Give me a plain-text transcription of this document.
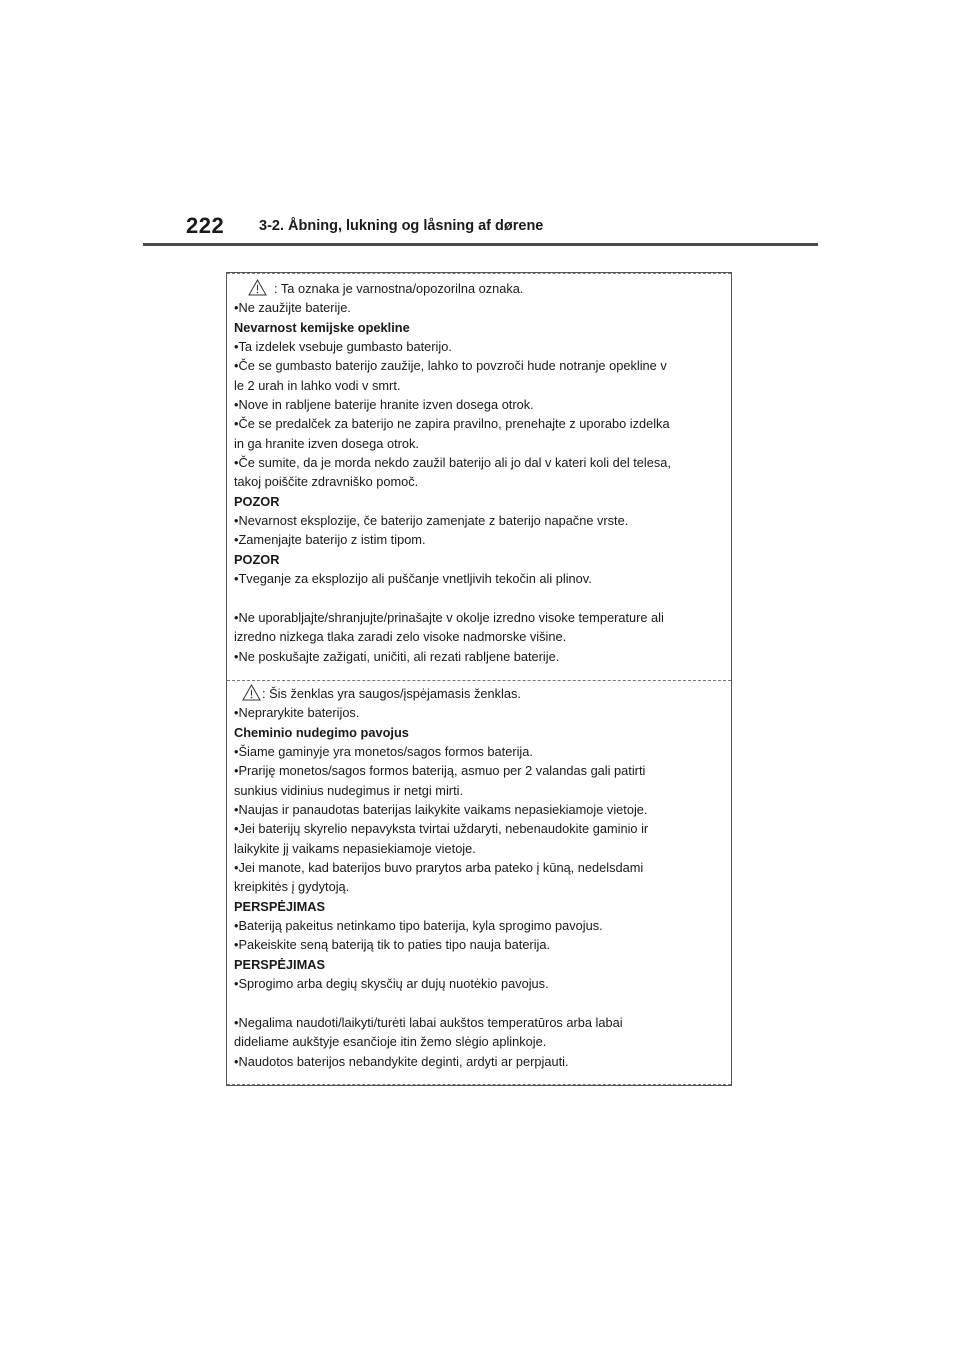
222 3-2. Åbning, lukning og låsning af dørene
: Ta oznaka je varnostna/opozorilna oznaka.
•Ne zaužijte baterije.
Nevarnost kemijske opekline
•Ta izdelek vsebuje gumbasto baterijo.
•Če se gumbasto baterijo zaužije, lahko to povzroči hude notranje opekline v
le 2 urah in lahko vodi v smrt.
•Nove in rabljene baterije hranite izven dosega otrok.
•Če se predalček za baterijo ne zapira pravilno, prenehajte z uporabo izdelka
in ga hranite izven dosega otrok.
•Če sumite, da je morda nekdo zaužil baterijo ali jo dal v kateri koli del telesa,
takoj poiščite zdravniško pomoč.
POZOR
•Nevarnost eksplozije, če baterijo zamenjate z baterijo napačne vrste.
•Zamenjajte baterijo z istim tipom.
POZOR
•Tveganje za eksplozijo ali puščanje vnetljivih tekočin ali plinov.
•Ne uporabljajte/shranjujte/prinašajte v okolje izredno visoke temperature ali
izredno nizkega tlaka zaradi zelo visoke nadmorske višine.
•Ne poskušajte zažigati, uničiti, ali rezati rabljene baterije.
: Šis ženklas yra saugos/įspėjamasis ženklas.
•Neprarykite baterijos.
Cheminio nudegimo pavojus
•Šiame gaminyje yra monetos/sagos formos baterija.
•Prariję monetos/sagos formos bateriją, asmuo per 2 valandas gali patirti
sunkius vidinius nudegimus ir netgi mirti.
•Naujas ir panaudotas baterijas laikykite vaikams nepasiekiamoje vietoje.
•Jei baterijų skyrelio nepavyksta tvirtai uždaryti, nebenaudokite gaminio ir
laikykite jį vaikams nepasiekiamoje vietoje.
•Jei manote, kad baterijos buvo prarytos arba pateko į kūną, nedelsdami
kreipkitės į gydytoją.
PERSPĖJIMAS
•Bateriją pakeitus netinkamo tipo baterija, kyla sprogimo pavojus.
•Pakeiskite seną bateriją tik to paties tipo nauja baterija.
PERSPĖJIMAS
•Sprogimo arba degių skysčių ar dujų nuotėkio pavojus.
•Negalima naudoti/laikyti/turėti labai aukštos temperatūros arba labai
dideliame aukštyje esančioje itin žemo slėgio aplinkoje.
•Naudotos baterijos nebandykite deginti, ardyti ar perpjauti.
